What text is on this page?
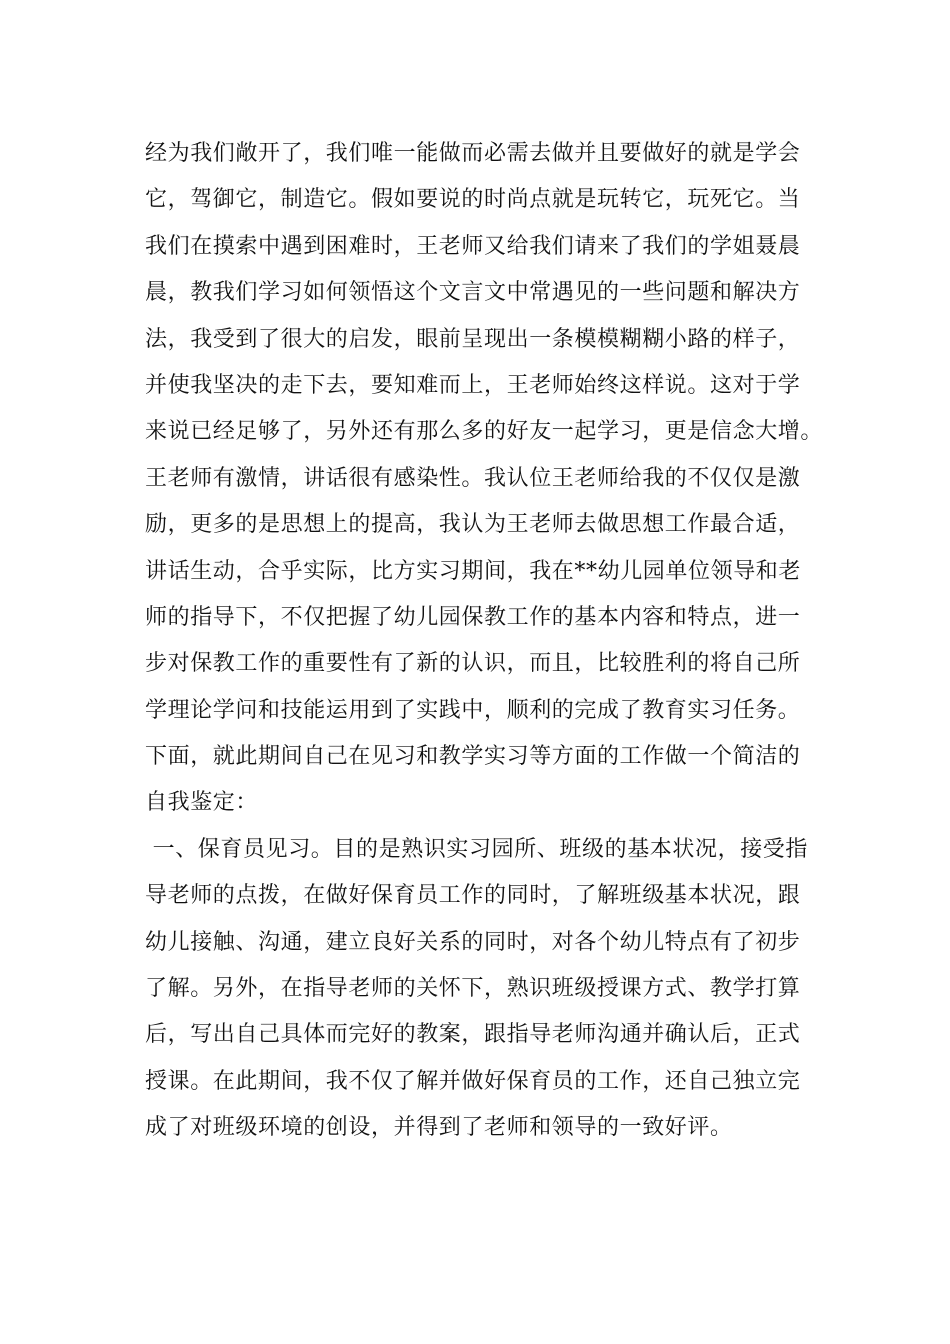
经为我们敞开了，我们唯一能做而必需去做并且要做好的就是学会
它，驾御它，制造它。假如要说的时尚点就是玩转它，玩死它。当
我们在摸索中遇到困难时，王老师又给我们请来了我们的学姐聂晨
晨，教我们学习如何领悟这个文言文中常遇见的一些问题和解决方
法，我受到了很大的启发，眼前呈现出一条模模糊糊小路的样子，
并使我坚决的走下去，要知难而上，王老师始终这样说。这对于学
来说已经足够了，另外还有那么多的好友一起学习，更是信念大增。
王老师有激情，讲话很有感染性。我认位王老师给我的不仅仅是激
励，更多的是思想上的提高，我认为王老师去做思想工作最合适，
讲话生动，合乎实际，比方实习期间，我在**幼儿园单位领导和老
师的指导下，不仅把握了幼儿园保教工作的基本内容和特点，进一
步对保教工作的重要性有了新的认识，而且，比较胜利的将自己所
学理论学问和技能运用到了实践中，顺利的完成了教育实习任务。
下面，就此期间自己在见习和教学实习等方面的工作做一个简洁的
自我鉴定：
一、保育员见习。目的是熟识实习园所、班级的基本状况，接受指
导老师的点拨，在做好保育员工作的同时，了解班级基本状况，跟
幼儿接触、沟通，建立良好关系的同时，对各个幼儿特点有了初步
了解。另外，在指导老师的关怀下，熟识班级授课方式、教学打算
后，写出自己具体而完好的教案，跟指导老师沟通并确认后，正式
授课。在此期间，我不仅了解并做好保育员的工作，还自己独立完
成了对班级环境的创设，并得到了老师和领导的一致好评。
